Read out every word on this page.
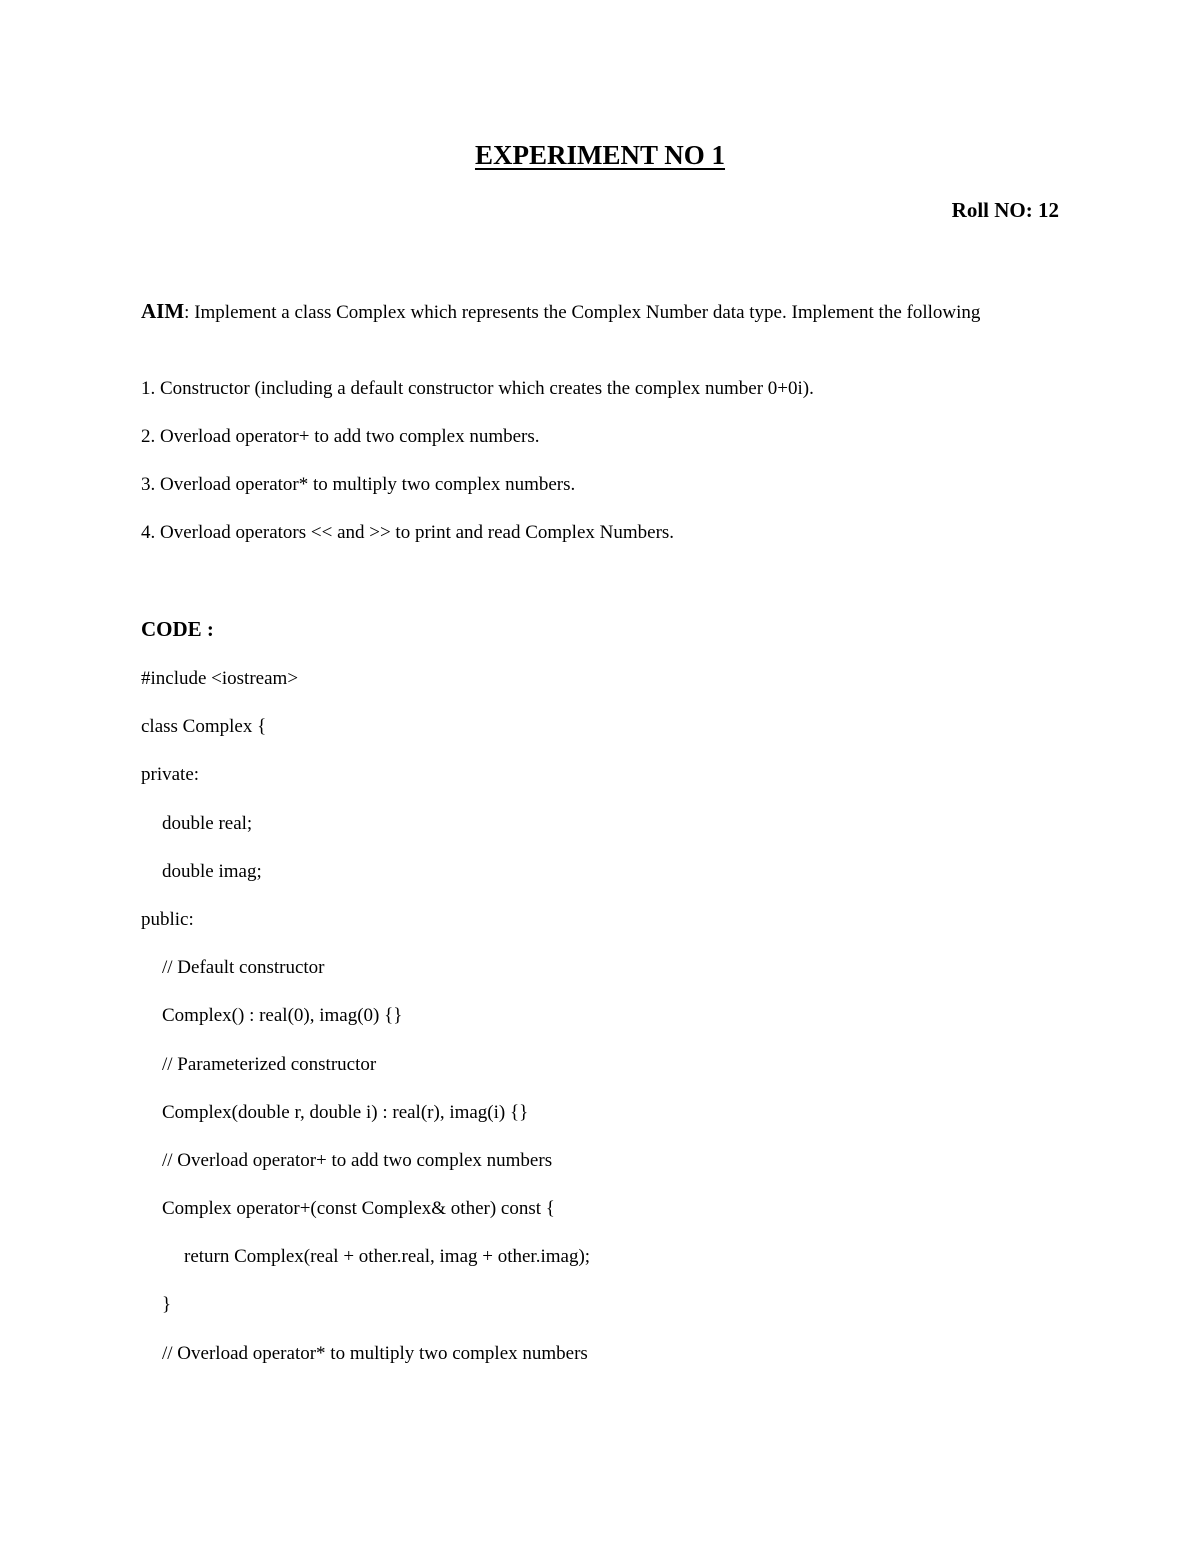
EXPERIMENT NO 1
Roll NO: 12
AIM: Implement a class Complex which represents the Complex Number data type. Implement the following
1. Constructor (including a default constructor which creates the complex number 0+0i).
2. Overload operator+ to add two complex numbers.
3. Overload operator* to multiply two complex numbers.
4. Overload operators << and >> to print and read Complex Numbers.
CODE :
#include <iostream>
class Complex {
private:
double real;
double imag;
public:
// Default constructor
Complex() : real(0), imag(0) {}
// Parameterized constructor
Complex(double r, double i) : real(r), imag(i) {}
// Overload operator+ to add two complex numbers
Complex operator+(const Complex& other) const {
return Complex(real + other.real, imag + other.imag);
}
// Overload operator* to multiply two complex numbers
